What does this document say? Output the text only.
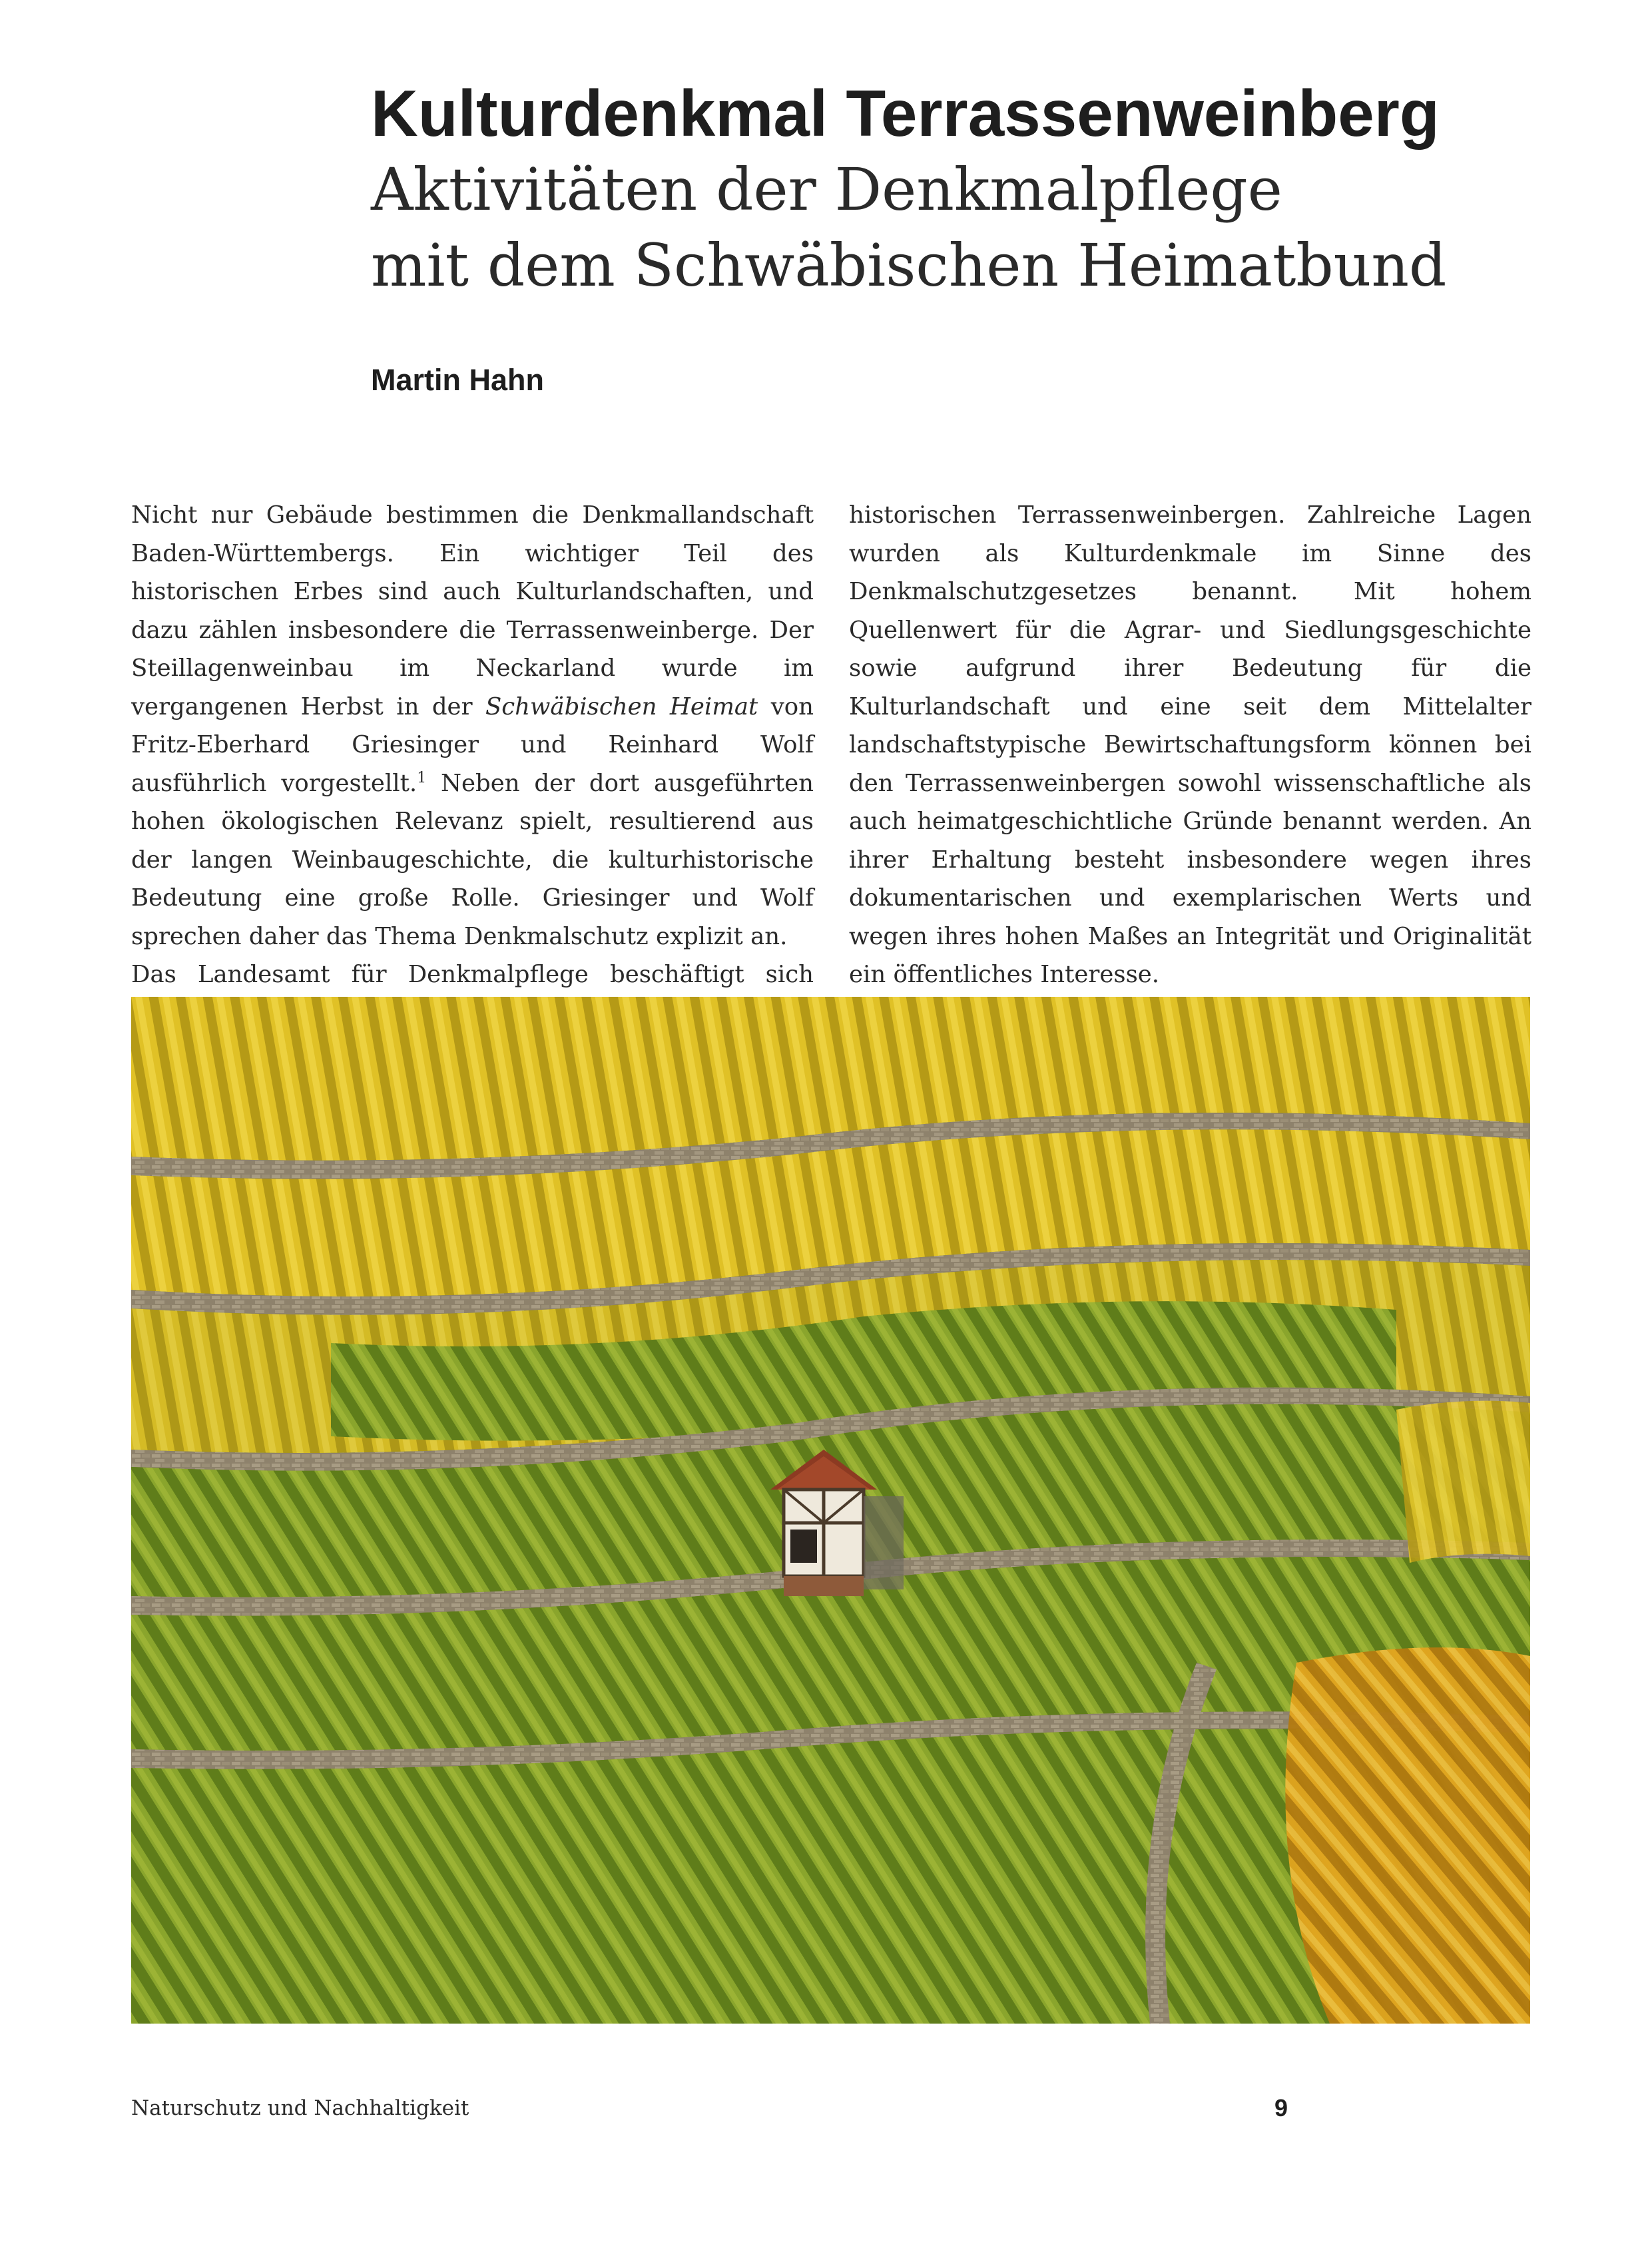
Kulturdenkmal Terrassenweinberg
Aktivitäten der Denkmalpflege
mit dem Schwäbischen Heimatbund
Martin Hahn

Nicht nur Gebäude bestimmen die Denkmallandschaft Baden-Württembergs. Ein wichtiger Teil des historischen Erbes sind auch Kulturlandschaften, und dazu zählen insbesondere die Terrassenweinberge. Der Steillagenweinbau im Neckarland wurde im vergangenen Herbst in der Schwäbischen Heimat von Fritz-Eberhard Griesinger und Reinhard Wolf ausführlich vorgestellt.$^1$ Neben der dort ausgeführten hohen ökologischen Relevanz spielt, resultierend aus der langen Weinbaugeschichte, die kulturhistorische Bedeutung eine große Rolle. Griesinger und Wolf sprechen daher das Thema Denkmalschutz explizit an.

Das Landesamt für Denkmalpflege beschäftigt sich

historischen Terrassenweinbergen. Zahlreiche Lagen wurden als Kulturdenkmale im Sinne des Denkmalschutzgesetzes benannt. Mit hohem Quellenwert für die Agrar- und Siedlungsgeschichte sowie aufgrund ihrer Bedeutung für die Kulturlandschaft und eine seit dem Mittelalter landschaftstypische Bewirtschaftungsform können bei den Terrassenweinbergen sowohl wissenschaftliche als auch heimatgeschichtliche Gründe benannt werden. An ihrer Erhaltung besteht insbesondere wegen ihres dokumentarischen und exemplarischen Werts und wegen ihres hohen Maßes an Integrität und Originalität ein öffentliches Interesse.

Naturschutz und Nachhaltigkeit	9
